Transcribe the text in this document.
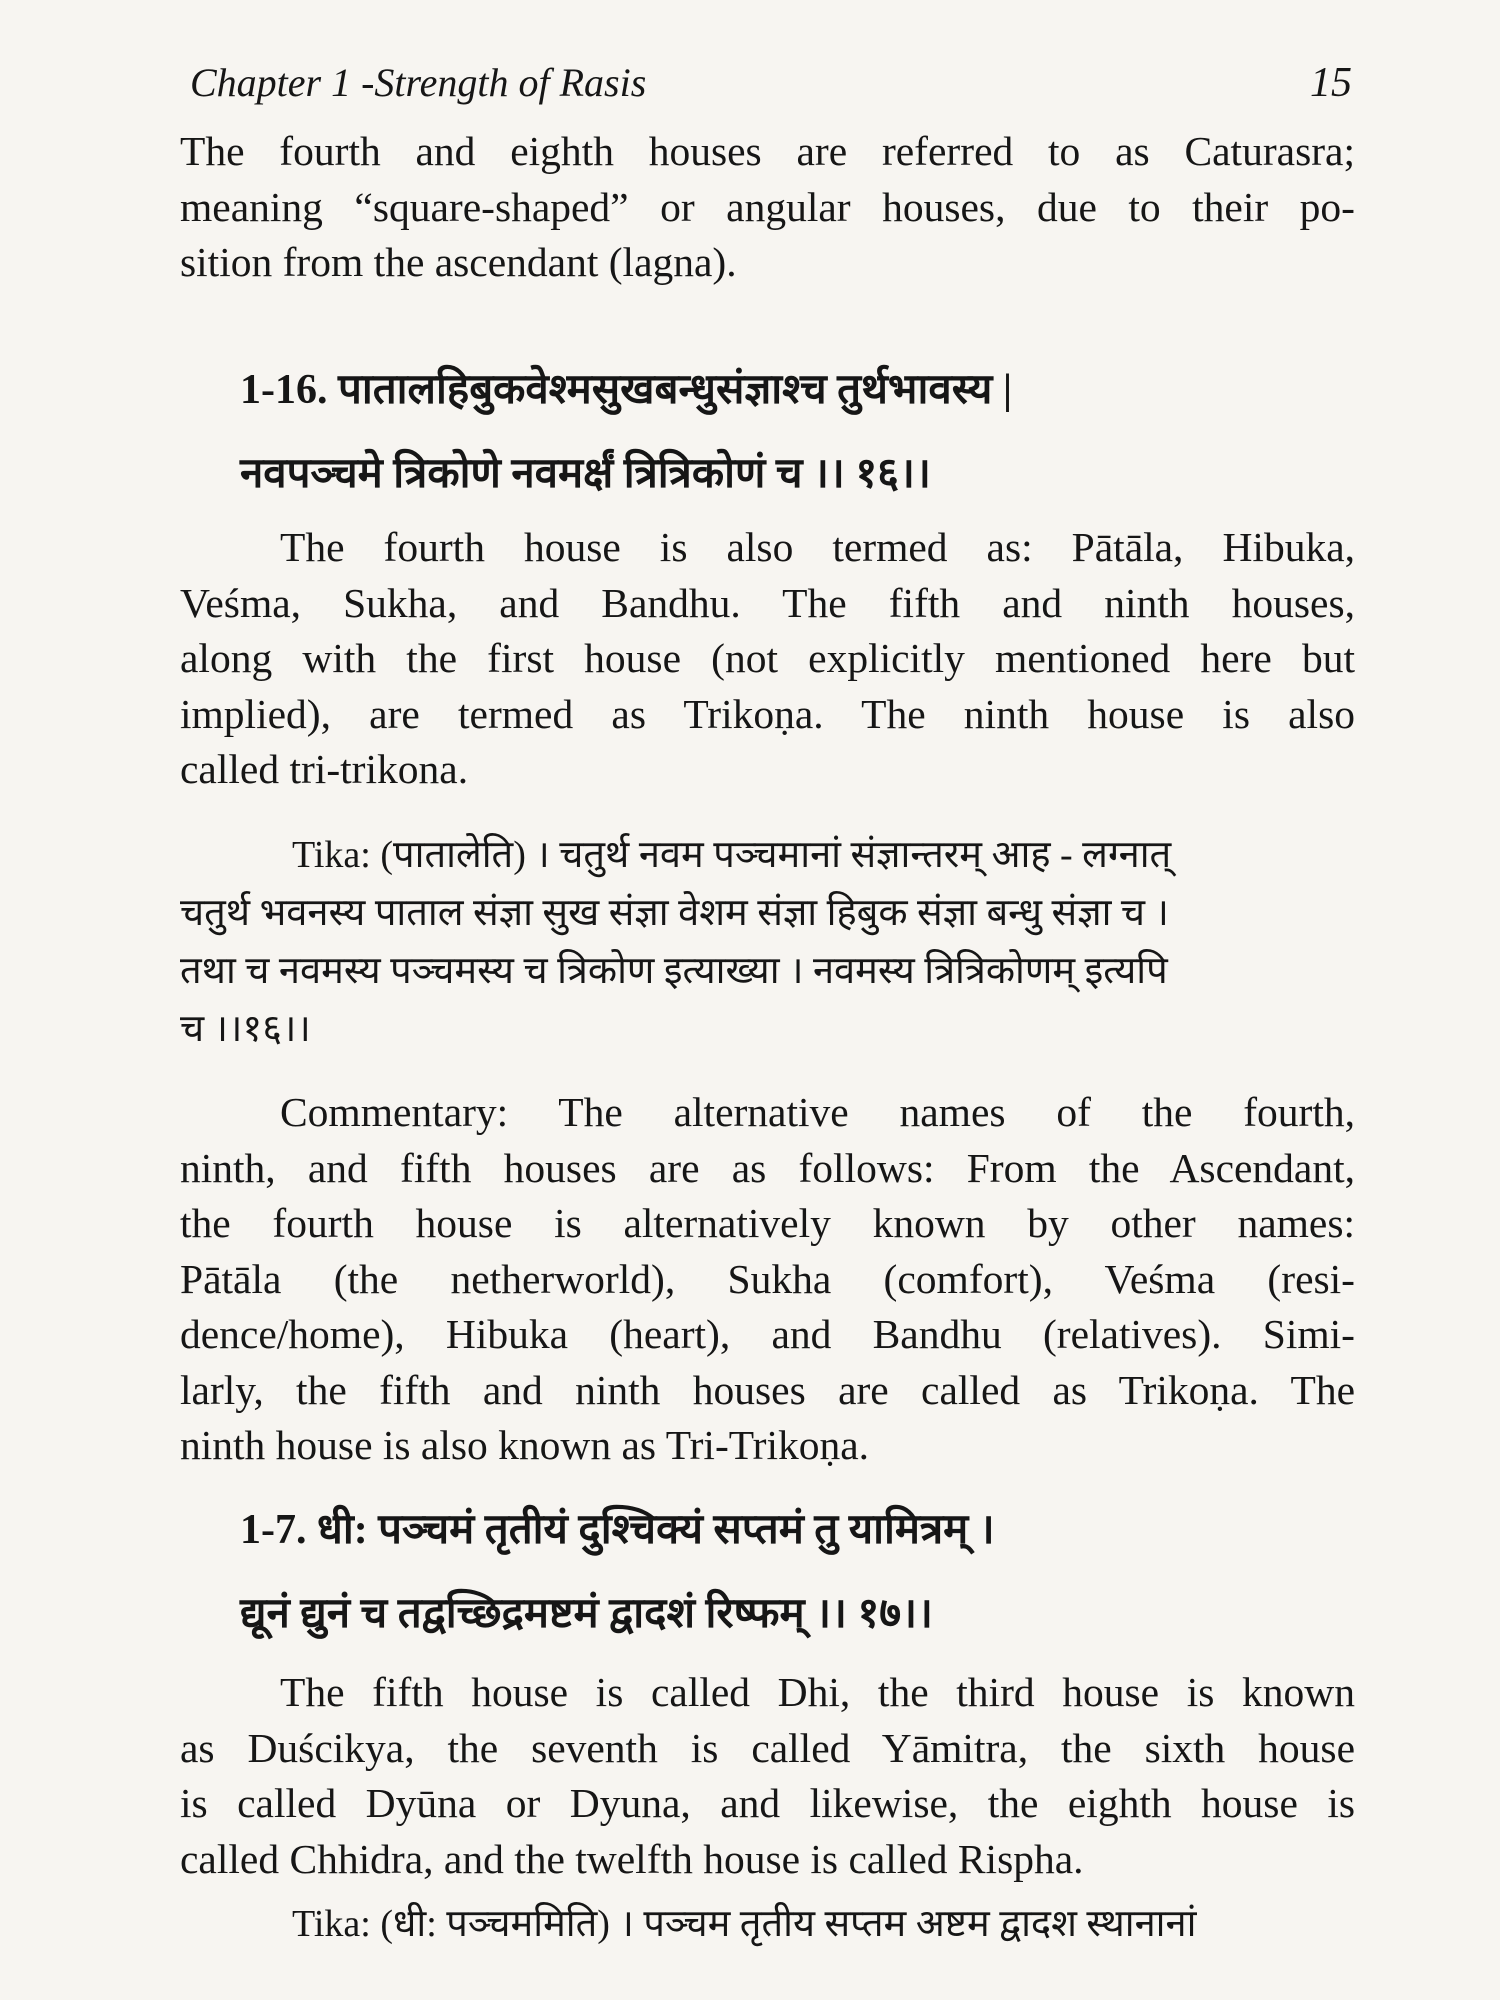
Chapter 1 -Strength of Rasis	15

The fourth and eighth houses are referred to as Caturasra;
meaning “square-shaped” or angular houses, due to their po-
sition from the ascendant (lagna).

1-16. पातालहिबुकवेश्मसुखबन्धुसंज्ञाश्च तुर्थभावस्य |
नवपञ्चमे त्रिकोणे नवमर्क्षं त्रित्रिकोणं च ।। १६।।

The fourth house is also termed as: Pātāla, Hibuka,
Veśma, Sukha, and Bandhu. The fifth and ninth houses,
along with the first house (not explicitly mentioned here but
implied), are termed as Trikoṇa. The ninth house is also
called tri-trikona.

Tika: (पातालेति) । चतुर्थ नवम पञ्चमानां संज्ञान्तरम् आह - लग्नात्
चतुर्थ भवनस्य पाताल संज्ञा सुख संज्ञा वेशम संज्ञा हिबुक संज्ञा बन्धु संज्ञा च ।
तथा च नवमस्य पञ्चमस्य च त्रिकोण इत्याख्या । नवमस्य त्रित्रिकोणम् इत्यपि
च ।।१६।।

Commentary: The alternative names of the fourth,
ninth, and fifth houses are as follows: From the Ascendant,
the fourth house is alternatively known by other names:
Pātāla (the netherworld), Sukha (comfort), Veśma (resi-
dence/home), Hibuka (heart), and Bandhu (relatives). Simi-
larly, the fifth and ninth houses are called as Trikoṇa. The
ninth house is also known as Tri-Trikoṇa.

1-7. धी: पञ्चमं तृतीयं दुश्चिक्यं सप्तमं तु यामित्रम् ।
द्यूनं द्युनं च तद्वच्छिद्रमष्टमं द्वादशं रिष्फम् ।। १७।।

The fifth house is called Dhi, the third house is known
as Duścikya, the seventh is called Yāmitra, the sixth house
is called Dyūna or Dyuna, and likewise, the eighth house is
called Chhidra, and the twelfth house is called Rispha.

Tika: (धी: पञ्चममिति) । पञ्चम तृतीय सप्तम अष्टम द्वादश स्थानानां
